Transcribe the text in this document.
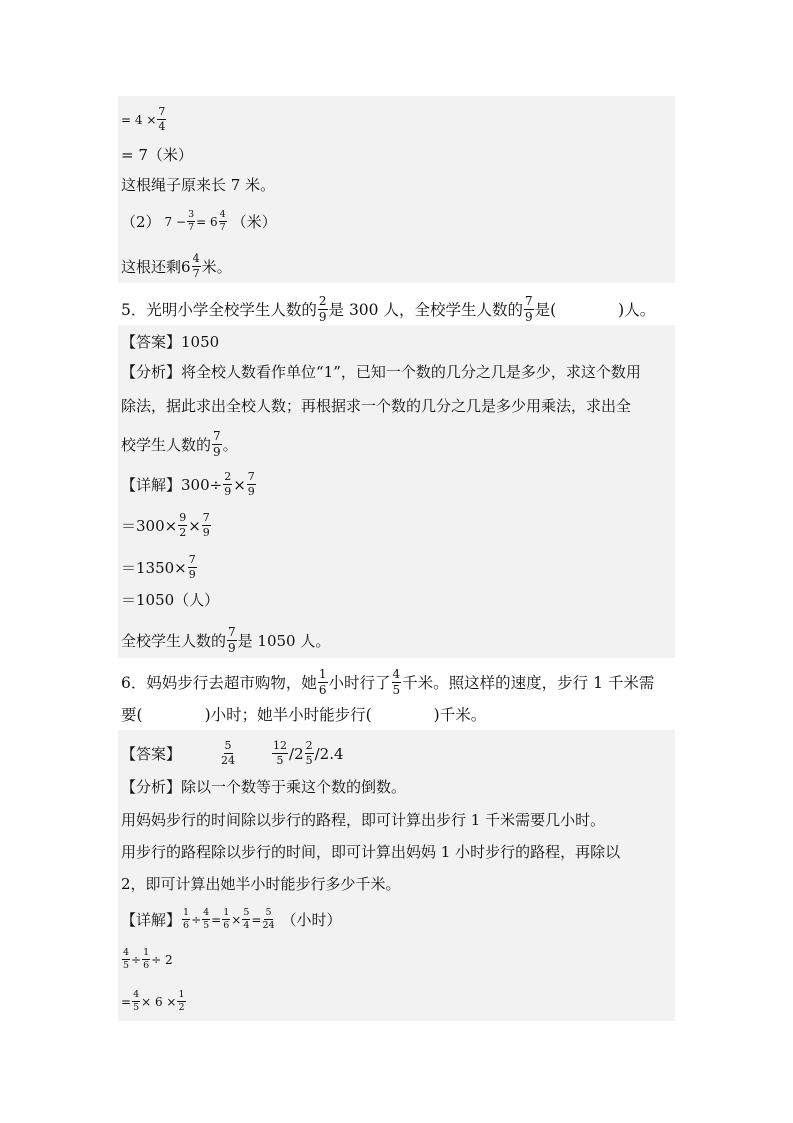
= $4 \times \frac{7}{4}$
= 7（米）
这根绳子原来长 7 米。
（2） $7 - \frac{3}{7} = 6 \frac{4}{7}$ （米）
这根还剩 $6 \frac{4}{7}$ 米。
5．光明小学全校学生人数的 $\frac{2}{9}$ 是 300 人，全校学生人数的 $\frac{7}{9}$ 是(	)人。
【答案】 1050
【分析】 将全校人数看作单位“1”，已知一个数的几分之几是多少，求这个数用
除法，据此求出全校人数；再根据求一个数的几分之几是多少用乘法，求出全
校学生人数的 $\frac{7}{9}$ 。
【详解】 $300\div \frac{2}{9} \times \frac{7}{9}$
$=300\times \frac{9}{2} \times \frac{7}{9}$
$=1350\times \frac{7}{9}$
＝1050（人）
全校学生人数的 $\frac{7}{9}$ 是 1050 人。
6．妈妈步行去超市购物，她 $\frac{1}{6}$ 小时行了 $\frac{4}{5}$ 千米。照这样的速度，步行 1 千米需
要(	)小时；她半小时能步行(	)千米。
【答案】	$\frac{5}{24}$	$\frac{12}{5} /2 \frac{2}{5} /2.4$
【分析】 除以一个数等于乘这个数的倒数。
用妈妈步行的时间除以步行的路程，即可计算出步行 1 千米需要几小时。
用步行的路程除以步行的时间，即可计算出妈妈 1 小时步行的路程，再除以
2，即可计算出她半小时能步行多少千米。
【详解】 $\frac{1}{6} \div \frac{4}{5} = \frac{1}{6} \times \frac{5}{4} = \frac{5}{24}$ （小时）
$\frac{4}{5} \div \frac{1}{6} \div 2$
= $\frac{4}{5} \times 6 \times \frac{1}{2}$
